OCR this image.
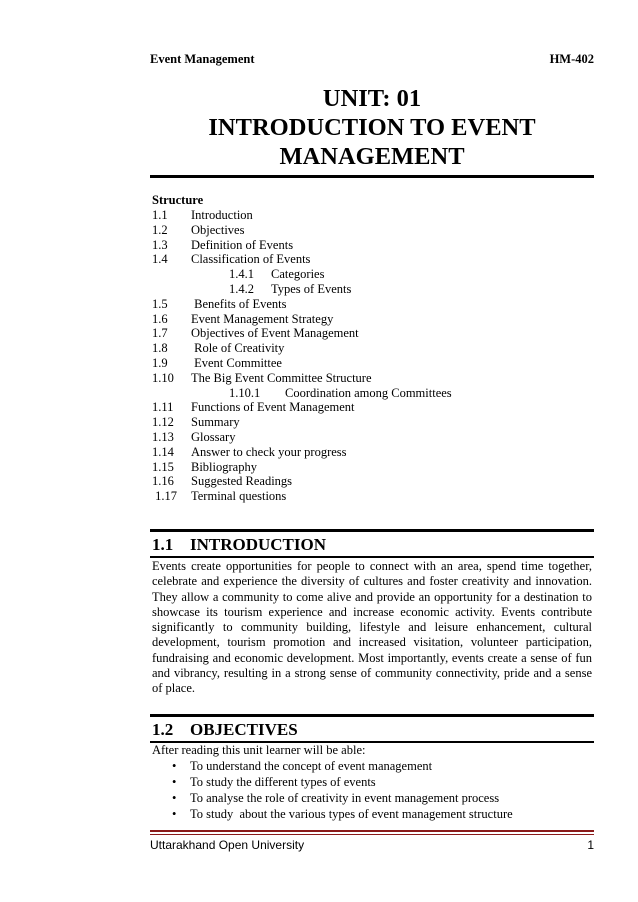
Event Management	HM-402
UNIT: 01
INTRODUCTION TO EVENT
MANAGEMENT
Structure
1.1 Introduction
1.2 Objectives
1.3 Definition of Events
1.4 Classification of Events
1.4.1 Categories
1.4.2 Types of Events
1.5 Benefits of Events
1.6 Event Management Strategy
1.7 Objectives of Event Management
1.8 Role of Creativity
1.9 Event Committee
1.10 The Big Event Committee Structure
1.10.1 Coordination among Committees
1.11 Functions of Event Management
1.12 Summary
1.13 Glossary
1.14 Answer to check your progress
1.15 Bibliography
1.16 Suggested Readings
1.17 Terminal questions
1.1 INTRODUCTION
Events create opportunities for people to connect with an area, spend time together, celebrate and experience the diversity of cultures and foster creativity and innovation. They allow a community to come alive and provide an opportunity for a destination to showcase its tourism experience and increase economic activity. Events contribute significantly to community building, lifestyle and leisure enhancement, cultural development, tourism promotion and increased visitation, volunteer participation, fundraising and economic development. Most importantly, events create a sense of fun and vibrancy, resulting in a strong sense of community connectivity, pride and a sense of place.
1.2 OBJECTIVES
After reading this unit learner will be able:
• To understand the concept of event management
• To study the different types of events
• To analyse the role of creativity in event management process
• To study  about the various types of event management structure
Uttarakhand Open University	1
